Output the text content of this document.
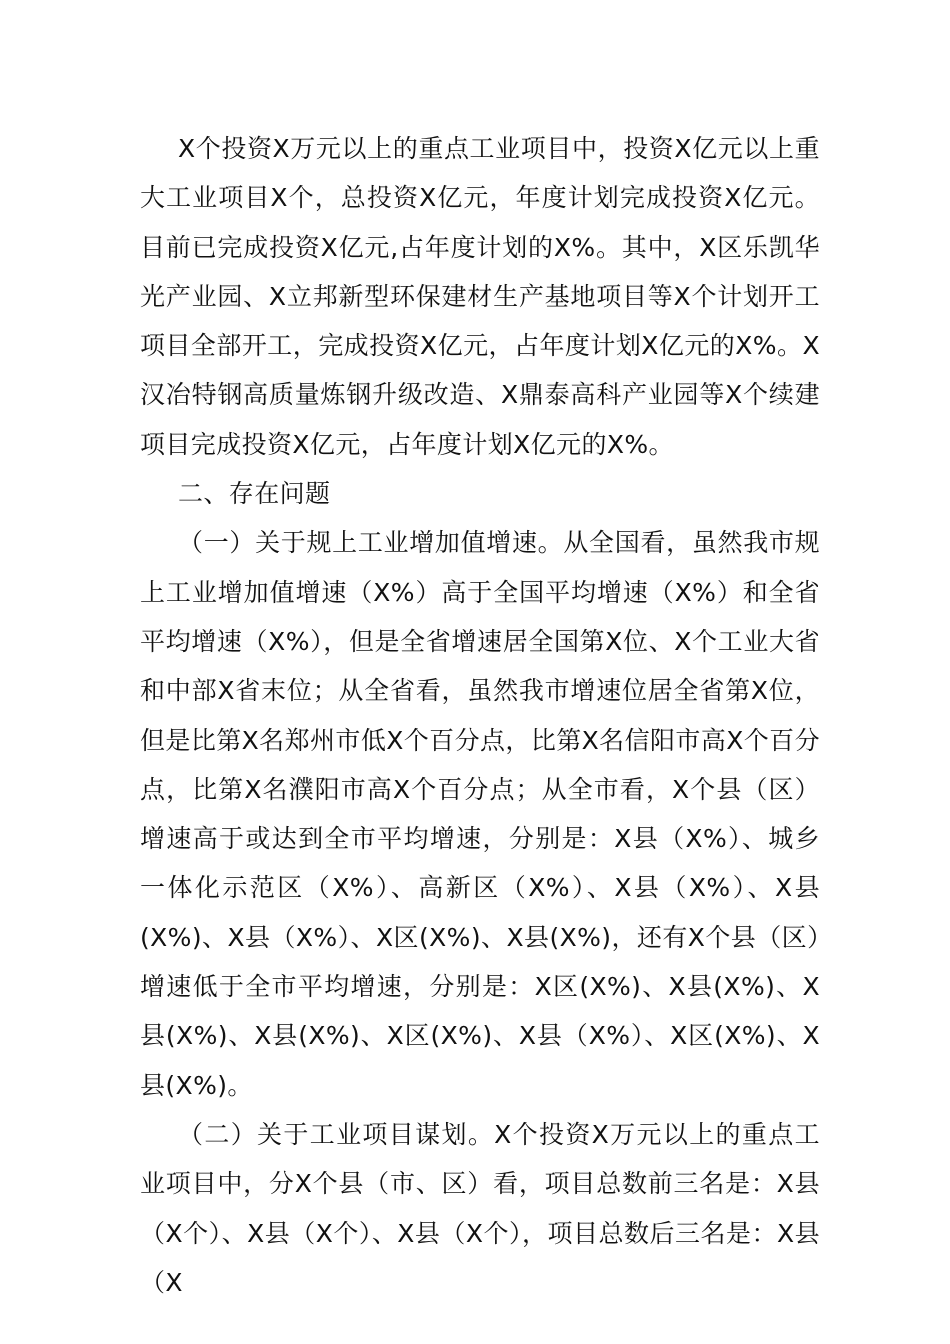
X个投资X万元以上的重点工业项目中，投资X亿元以上重大工业项目X个，总投资X亿元，年度计划完成投资X亿元。目前已完成投资X亿元,占年度计划的X%。其中，X区乐凯华光产业园、X立邦新型环保建材生产基地项目等X个计划开工项目全部开工，完成投资X亿元，占年度计划X亿元的X%。X汉冶特钢高质量炼钢升级改造、X鼎泰高科产业园等X个续建项目完成投资X亿元，占年度计划X亿元的X%。

二、存在问题

（一）关于规上工业增加值增速。从全国看，虽然我市规上工业增加值增速（X%）高于全国平均增速（X%）和全省平均增速（X%），但是全省增速居全国第X位、X个工业大省和中部X省末位；从全省看，虽然我市增速位居全省第X位，但是比第X名郑州市低X个百分点，比第X名信阳市高X个百分点，比第X名濮阳市高X个百分点；从全市看，X个县（区）增速高于或达到全市平均增速，分别是：X县（X%）、城乡一体化示范区（X%）、高新区（X%）、X县（X%）、X县(X%)、X县（X%）、X区(X%)、X县(X%)，还有X个县（区）增速低于全市平均增速，分别是：X区(X%)、X县(X%)、X县(X%)、X县(X%)、X区(X%)、X县（X%）、X区(X%)、X县(X%)。

（二）关于工业项目谋划。X个投资X万元以上的重点工业项目中，分X个县（市、区）看，项目总数前三名是：X县（X个）、X县（X个）、X县（X个），项目总数后三名是：X县（X
